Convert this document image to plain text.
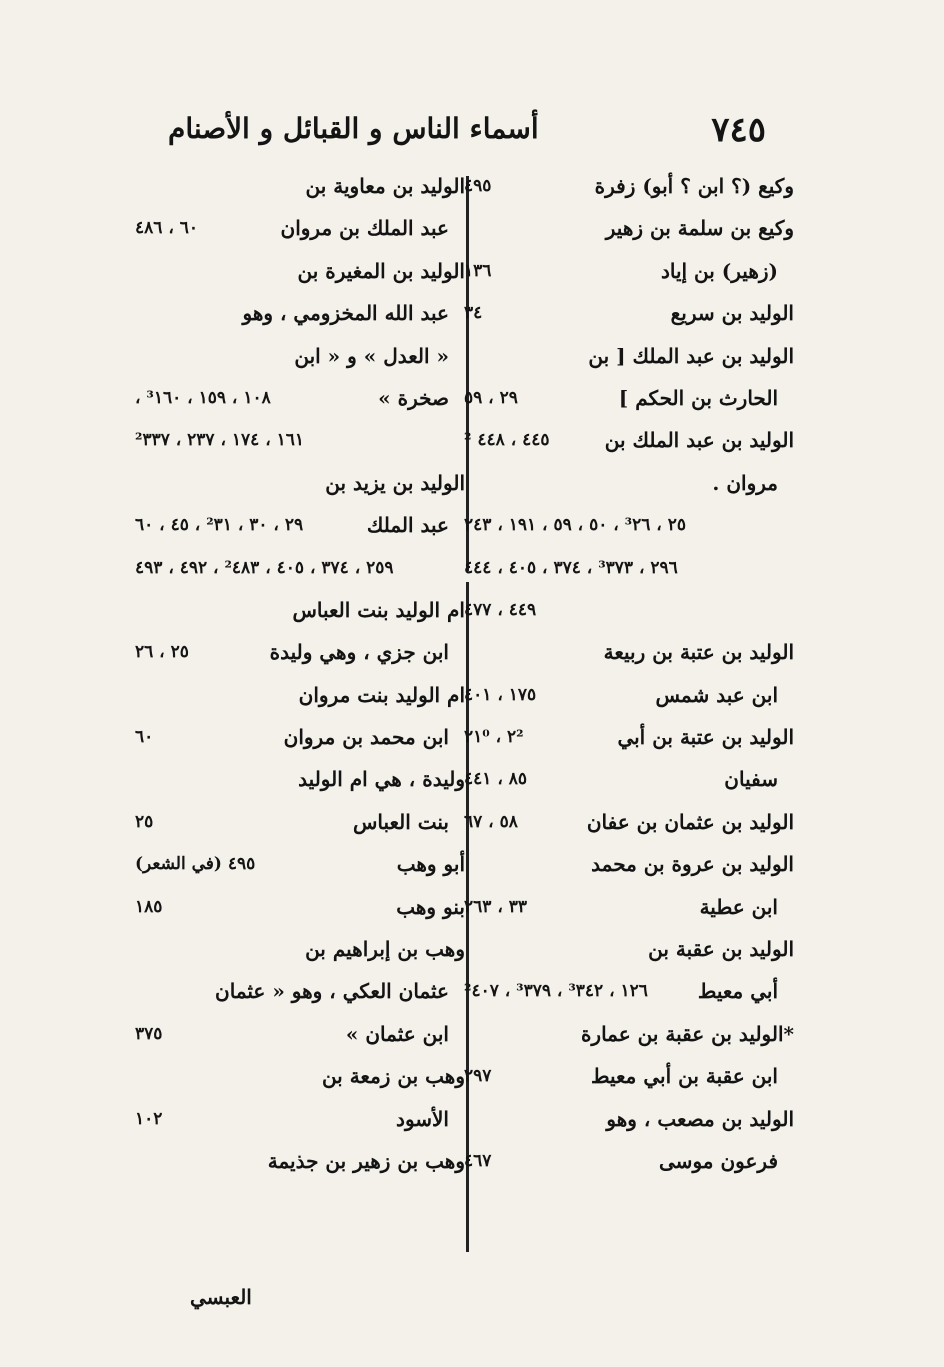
٧٤٥
أسماء الناس و القبائل و الأصنام
وكيع (؟ ابن ؟ أبو) زفرة
٤٩٥
وكيع بن سلمة بن زهير
(زهير) بن إياد
١٣٦
الوليد بن سريع
٣٤
الوليد بن عبد الملك [ بن
الحارث بن الحكم ]
٢٩ ، ٥٩
الوليد بن عبد الملك بن
٤٤٥ ، ٤٤٨ ²
مروان .
٢٥ ، ³٢٦ ، ٥٠ ، ٥٩ ، ١٩١ ، ٢٤٣
٢٩٦ ، ³٣٧٣ ، ٣٧٤ ، ٤٠٥ ، ٤٤٤
٤٤٩ ، ٤٧٧
الوليد بن عتبة بن ربيعة
ابن عبد شمس
١٧٥ ، ٤٠١
الوليد بن عتبة بن أبي
٢² ، ٢١⁰
سفيان
٨٥ ، ٤٤١
الوليد بن عثمان بن عفان
٥٨ ، ٦٧
الوليد بن عروة بن محمد
ابن عطية
٣٣ ، ٢٦٣
الوليد بن عقبة بن
أبي معيط
١٢٦ ، ³٣٤٢ ، ³٣٧٩ ، ²٤٠٧
*الوليد بن عقبة بن عمارة
ابن عقبة بن أبي معيط
٢٩٧
الوليد بن مصعب ، وهو
فرعون موسى
٤٦٧
الوليد بن معاوية بن
عبد الملك بن مروان
٦٠ ، ٤٨٦
الوليد بن المغيرة بن
عبد الله المخزومي ، وهو
« العدل » و « ابن
صخرة »
١٠٨ ، ١٥٩ ، ³١٦٠ ،
١٦١ ، ١٧٤ ، ٢٣٧ ، ²٣٣٧
الوليد بن يزيد بن
عبد الملك
٢٩ ، ٣٠ ، ²٣١ ، ٤٥ ، ٦٠
٢٥٩ ، ٣٧٤ ، ٤٠٥ ، ²٤٨٣ ، ٤٩٢ ، ٤٩٣
ام الوليد بنت العباس
ابن جزي ، وهي وليدة
٢٥ ، ٢٦
ام الوليد بنت مروان
ابن محمد بن مروان
٦٠
وليدة ، هي ام الوليد
بنت العباس
٢٥
أبو وهب
٤٩٥ (في الشعر)
بنو وهب
١٨٥
وهب بن إبراهيم بن
عثمان العكي ، وهو « عثمان
ابن عثمان »
٣٧٥
وهب بن زمعة بن
الأسود
١٠٢
وهب بن زهير بن جذيمة
العبسي
